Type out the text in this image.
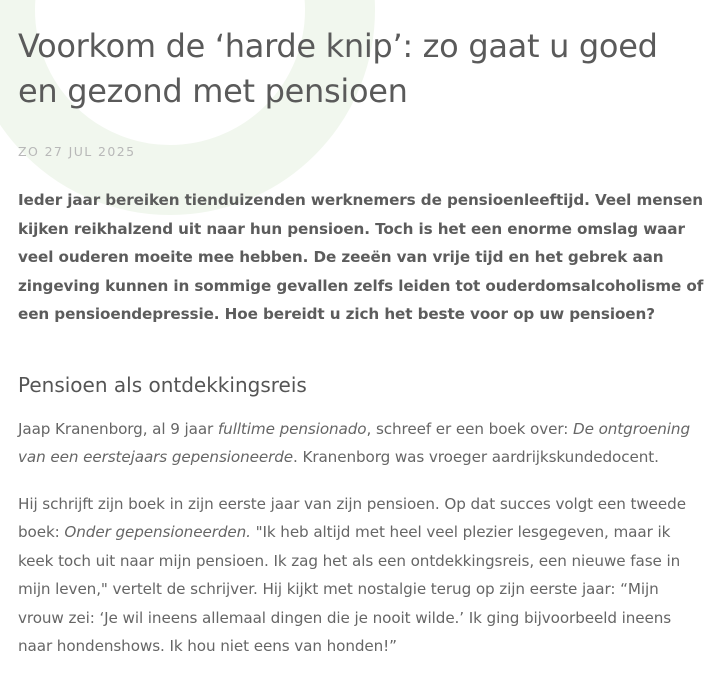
Voorkom de ‘harde knip’: zo gaat u goed en gezond met pensioen
ZO 27 JUL 2025
Ieder jaar bereiken tienduizenden werknemers de pensioenleeftijd. Veel mensen kijken reikhalzend uit naar hun pensioen. Toch is het een enorme omslag waar veel ouderen moeite mee hebben. De zeeën van vrije tijd en het gebrek aan zingeving kunnen in sommige gevallen zelfs leiden tot ouderdomsalcoholisme of een pensioendepressie. Hoe bereidt u zich het beste voor op uw pensioen?
Pensioen als ontdekkingsreis

Jaap Kranenborg, al 9 jaar fulltime pensionado, schreef er een boek over: De ontgroening van een eerstejaars gepensioneerde. Kranenborg was vroeger aardrijkskundedocent.

Hij schrijft zijn boek in zijn eerste jaar van zijn pensioen. Op dat succes volgt een tweede boek: Onder gepensioneerden. "Ik heb altijd met heel veel plezier lesgegeven, maar ik keek toch uit naar mijn pensioen. Ik zag het als een ontdekkingsreis, een nieuwe fase in mijn leven," vertelt de schrijver. Hij kijkt met nostalgie terug op zijn eerste jaar: “Mijn vrouw zei: ‘Je wil ineens allemaal dingen die je nooit wilde.’ Ik ging bijvoorbeeld ineens naar hondenshows. Ik hou niet eens van honden!”
